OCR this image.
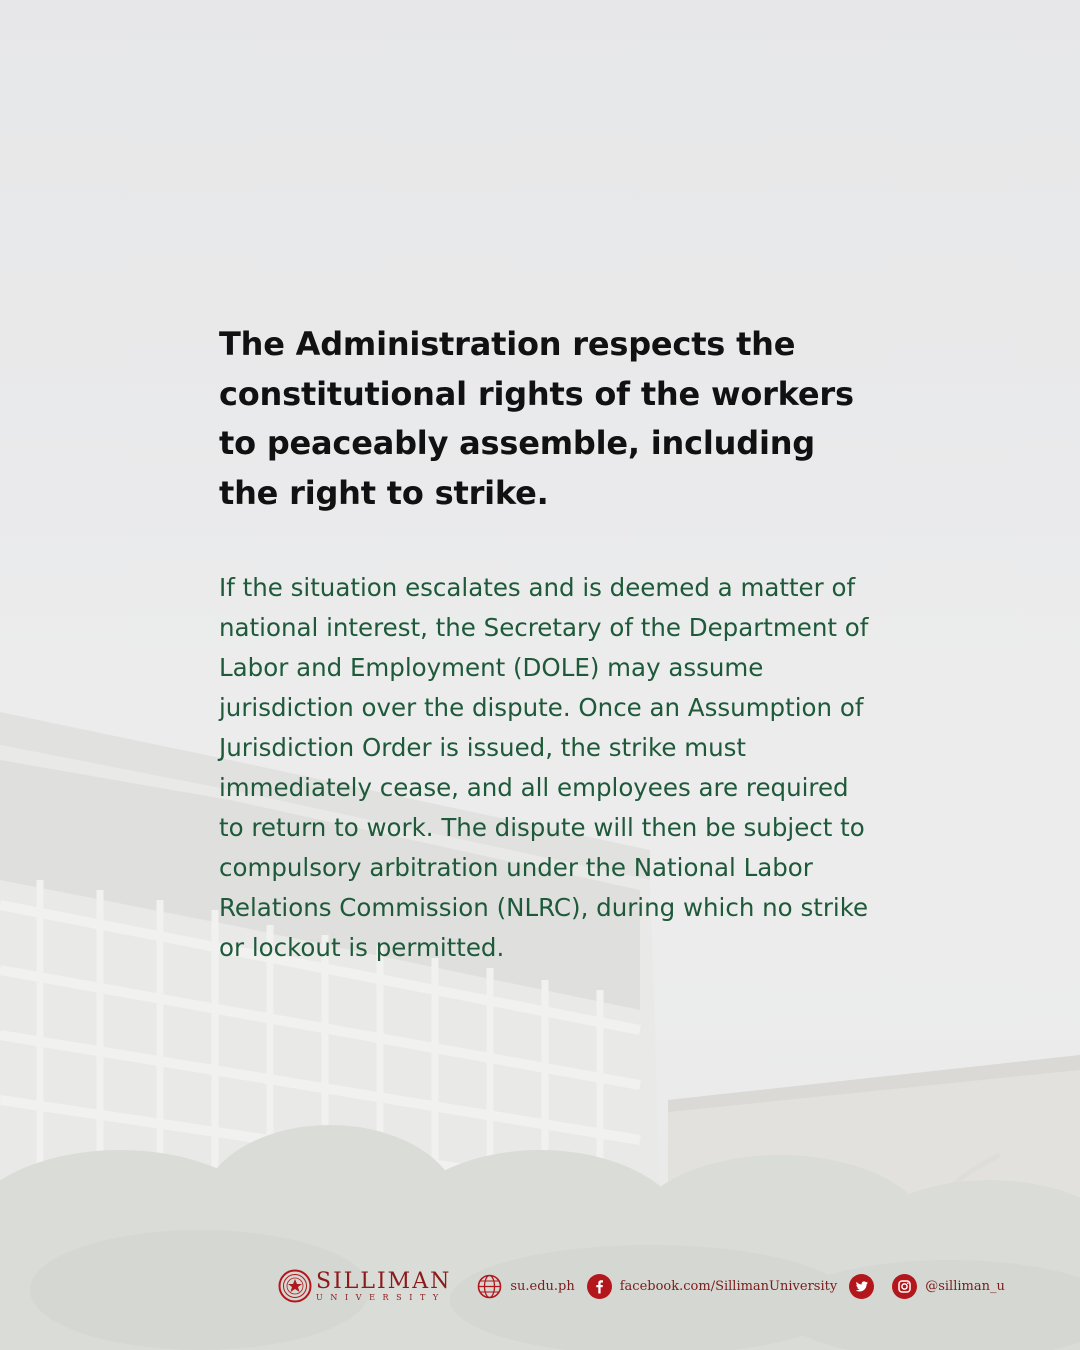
The Administration respects the constitutional rights of the workers to peaceably assemble, including the right to strike.

If the situation escalates and is deemed a matter of national interest, the Secretary of the Department of Labor and Employment (DOLE) may assume jurisdiction over the dispute. Once an Assumption of Jurisdiction Order is issued, the strike must immediately cease, and all employees are required to return to work. The dispute will then be subject to compulsory arbitration under the National Labor Relations Commission (NLRC), during which no strike or lockout is permitted.

SILLIMAN
UNIVERSITY
su.edu.ph	facebook.com/SillimanUniversity	@silliman_u
